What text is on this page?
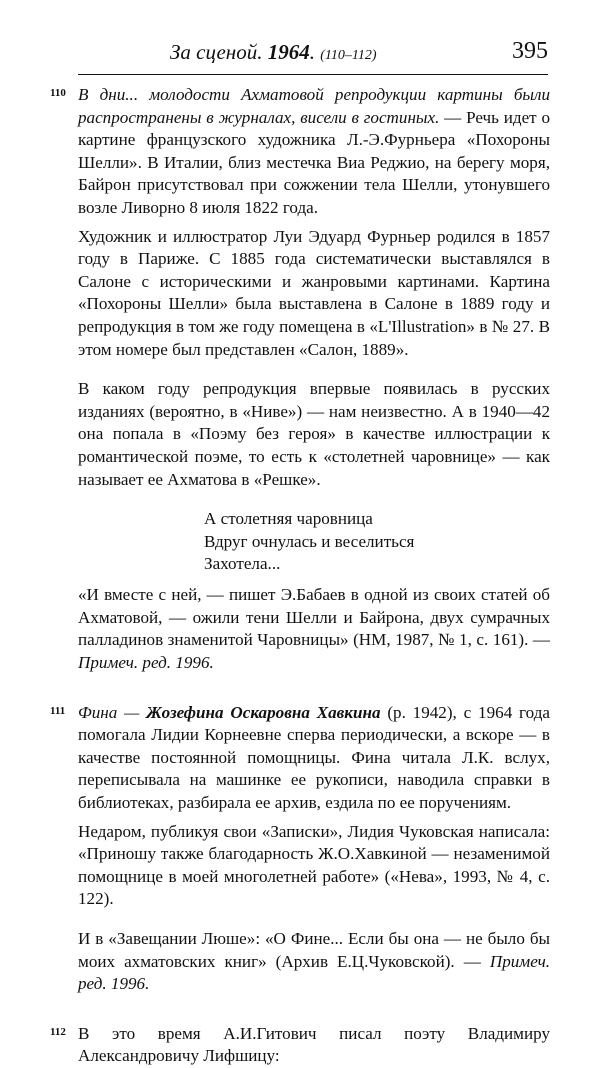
За сценой. 1964. (110–112)	395
110 В дни... молодости Ахматовой репродукции картины были распространены в журналах, висели в гостиных. — Речь идет о картине французского художника Л.-Э.Фурньера «Похороны Шелли». В Италии, близ местечка Виа Реджио, на берегу моря, Байрон присутствовал при сожжении тела Шелли, утонувшего возле Ливорно 8 июля 1822 года.

Художник и иллюстратор Луи Эдуард Фурньер родился в 1857 году в Париже. С 1885 года систематически выставлялся в Салоне с историческими и жанровыми картинами. Картина «Похороны Шелли» была выставлена в Салоне в 1889 году и репродукция в том же году помещена в «L'Illustration» в № 27. В этом номере был представлен «Салон, 1889».

В каком году репродукция впервые появилась в русских изданиях (вероятно, в «Ниве») — нам неизвестно. А в 1940—42 она попала в «Поэму без героя» в качестве иллюстрации к романтической поэме, то есть к «столетней чаровнице» — как называет ее Ахматова в «Решке».

А столетняя чаровница
Вдруг очнулась и веселиться
Захотела...

«И вместе с ней, — пишет Э.Бабаев в одной из своих статей об Ахматовой, — ожили тени Шелли и Байрона, двух сумрачных палладинов знаменитой Чаровницы» (НМ, 1987, № 1, с. 161). — Примеч. ред. 1996.

111 Фина — Жозефина Оскаровна Хавкина (р. 1942), с 1964 года помогала Лидии Корнеевне сперва периодически, а вскоре — в качестве постоянной помощницы. Фина читала Л.К. вслух, переписывала на машинке ее рукописи, наводила справки в библиотеках, разбирала ее архив, ездила по ее поручениям.

Недаром, публикуя свои «Записки», Лидия Чуковская написала: «Приношу также благодарность Ж.О.Хавкиной — незаменимой помощнице в моей многолетней работе» («Нева», 1993, № 4, с. 122).

И в «Завещании Люше»: «О Фине... Если бы она — не было бы моих ахматовских книг» (Архив Е.Ц.Чуковской). — Примеч. ред. 1996.

112 В это время А.И.Гитович писал поэту Владимиру Александровичу Лифшицу:
